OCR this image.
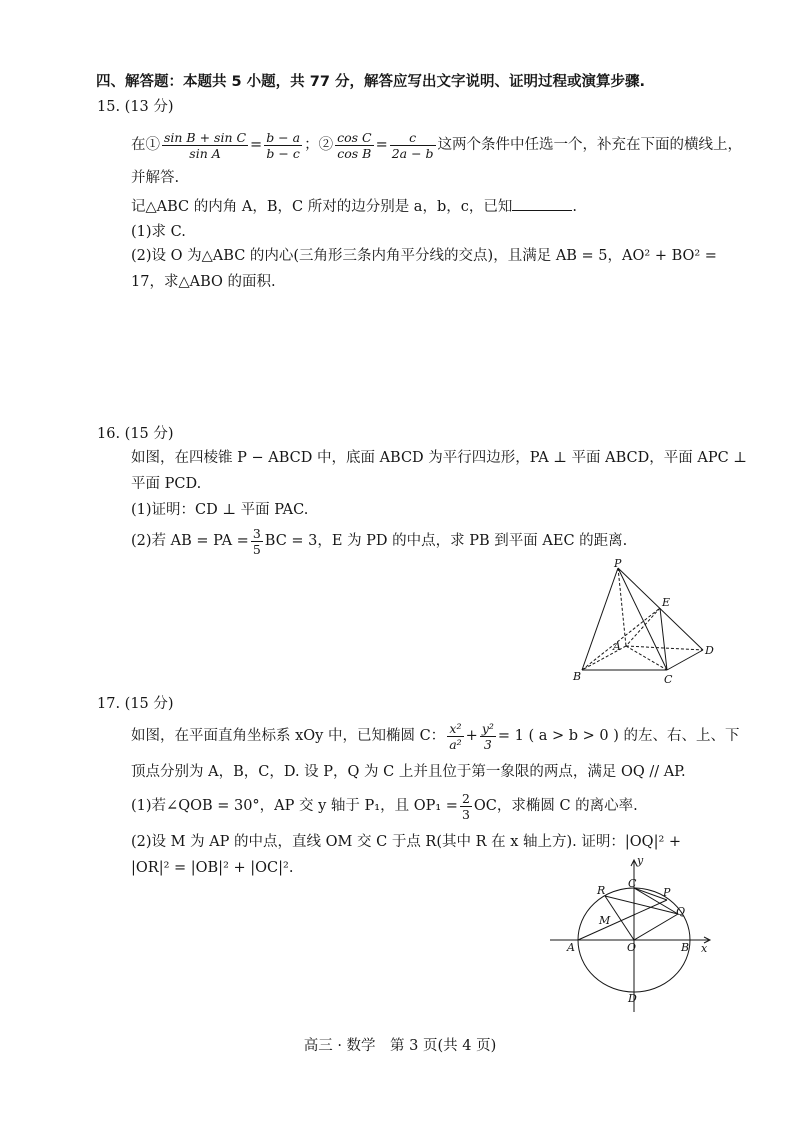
四、解答题：本题共 5 小题，共 77 分，解答应写出文字说明、证明过程或演算步骤.
15. (13 分)
在① $\frac{\text{sin B + sin C}}{\text{sin A}} = \frac{b - a}{b - c}$ ；② $\frac{\text{cos C}}{\text{cos B}} = \frac{c}{2a - b}$ 这两个条件中任选一个，补充在下面的横线上，
并解答.
记△ABC 的内角 A，B，C 所对的边分别是 a，b，c，已知	.
(1)求 C.
(2)设 O 为△ABC 的内心(三角形三条内角平分线的交点)，且满足 AB = 5，AO² + BO² =
17，求△ABO 的面积.
16. (15 分)
如图，在四棱锥 P − ABCD 中，底面 ABCD 为平行四边形，PA ⊥ 平面 ABCD，平面 APC ⊥
平面 PCD.
(1)证明：CD ⊥ 平面 PAC.
(2)若 AB = PA = $\frac{3}{5}$ BC = 3，E 为 PD 的中点，求 PB 到平面 AEC 的距离.
P
E
A	D
B	C
17. (15 分)
如图，在平面直角坐标系 xOy 中，已知椭圆 C： $\frac{\text{x²}}{\text{a²}} + \frac{\text{y²}}{3} = 1$ ( a > b > 0 ) 的左、右、上、下
顶点分别为 A，B，C，D. 设 P，Q 为 C 上并且位于第一象限的两点，满足 OQ // AP.
(1)若∠QOB = 30°，AP 交 y 轴于 P₁，且 $OP_1 = \frac{2}{3}$ OC，求椭圆 C 的离心率.
(2)设 M 为 AP 的中点，直线 OM 交 C 于点 R(其中 R 在 x 轴上方). 证明：|OQ|² +
|OR|² = |OB|² + |OC|².	y
x
R
C
P
Q
M
A	O	B
D
高三 · 数学　第 3 页(共 4 页)
